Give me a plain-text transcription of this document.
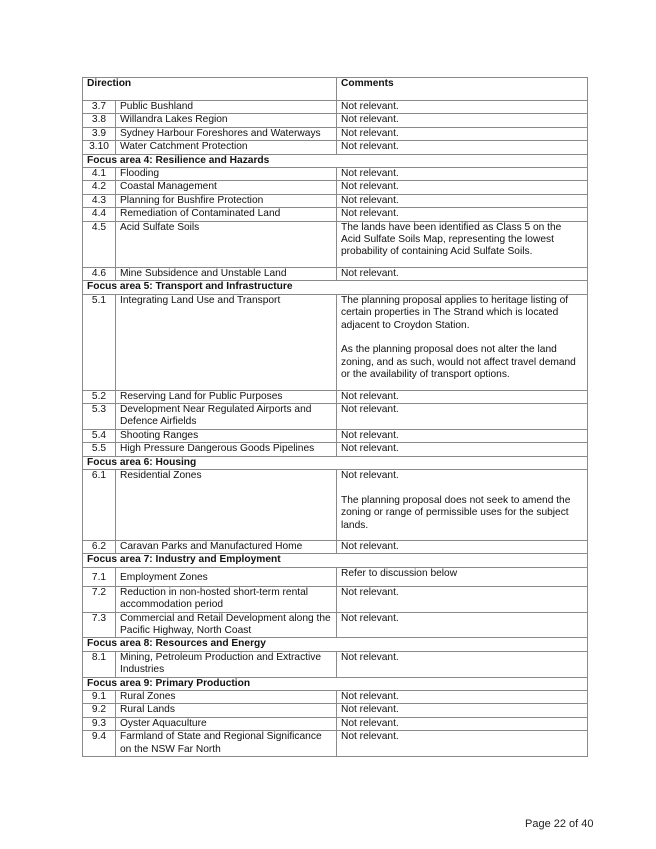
Direction		Comments
3.7	Public Bushland	Not relevant.

3.8	Willandra Lakes Region	Not relevant.

3.9	Sydney Harbour Foreshores and Waterways	Not relevant.

3.10	Water Catchment Protection	Not relevant.

Focus area 4: Resilience and Hazards		
4.1	Flooding	Not relevant.

4.2	Coastal Management	Not relevant.

4.3	Planning for Bushfire Protection	Not relevant.

4.4	Remediation of Contaminated Land	Not relevant.

4.5	Acid Sulfate Soils	The lands have been identified as Class 5 on the Acid Sulfate Soils Map, representing the lowest probability of containing Acid Sulfate Soils.

4.6	Mine Subsidence and Unstable Land	Not relevant.

Focus area 5: Transport and Infrastructure		
5.1	Integrating Land Use and Transport	The planning proposal applies to heritage listing of certain properties in The Strand which is located adjacent to Croydon Station.
As the planning proposal does not alter the land zoning, and as such, would not affect travel demand or the availability of transport options.

5.2	Reserving Land for Public Purposes	Not relevant.

5.3	Development Near Regulated Airports and Defence Airfields	Not relevant.

5.4	Shooting Ranges	Not relevant.

5.5	High Pressure Dangerous Goods Pipelines	Not relevant.

Focus area 6: Housing		
6.1	Residential Zones	Not relevant.
The planning proposal does not seek to amend the zoning or range of permissible uses for the subject lands.

6.2	Caravan Parks and Manufactured Home	Not relevant.

Focus area 7: Industry and Employment		
7.1	Employment Zones	Refer to discussion below

7.2	Reduction in non-hosted short-term rental accommodation period	Not relevant.

7.3	Commercial and Retail Development along the Pacific Highway, North Coast	Not relevant.

Focus area 8: Resources and Energy		
8.1	Mining, Petroleum Production and Extractive Industries	Not relevant.

Focus area 9: Primary Production		
9.1	Rural Zones	Not relevant.

9.2	Rural Lands	Not relevant.

9.3	Oyster Aquaculture	Not relevant.

9.4	Farmland of State and Regional Significance on the NSW Far North	Not relevant.
Page 22 of 40
